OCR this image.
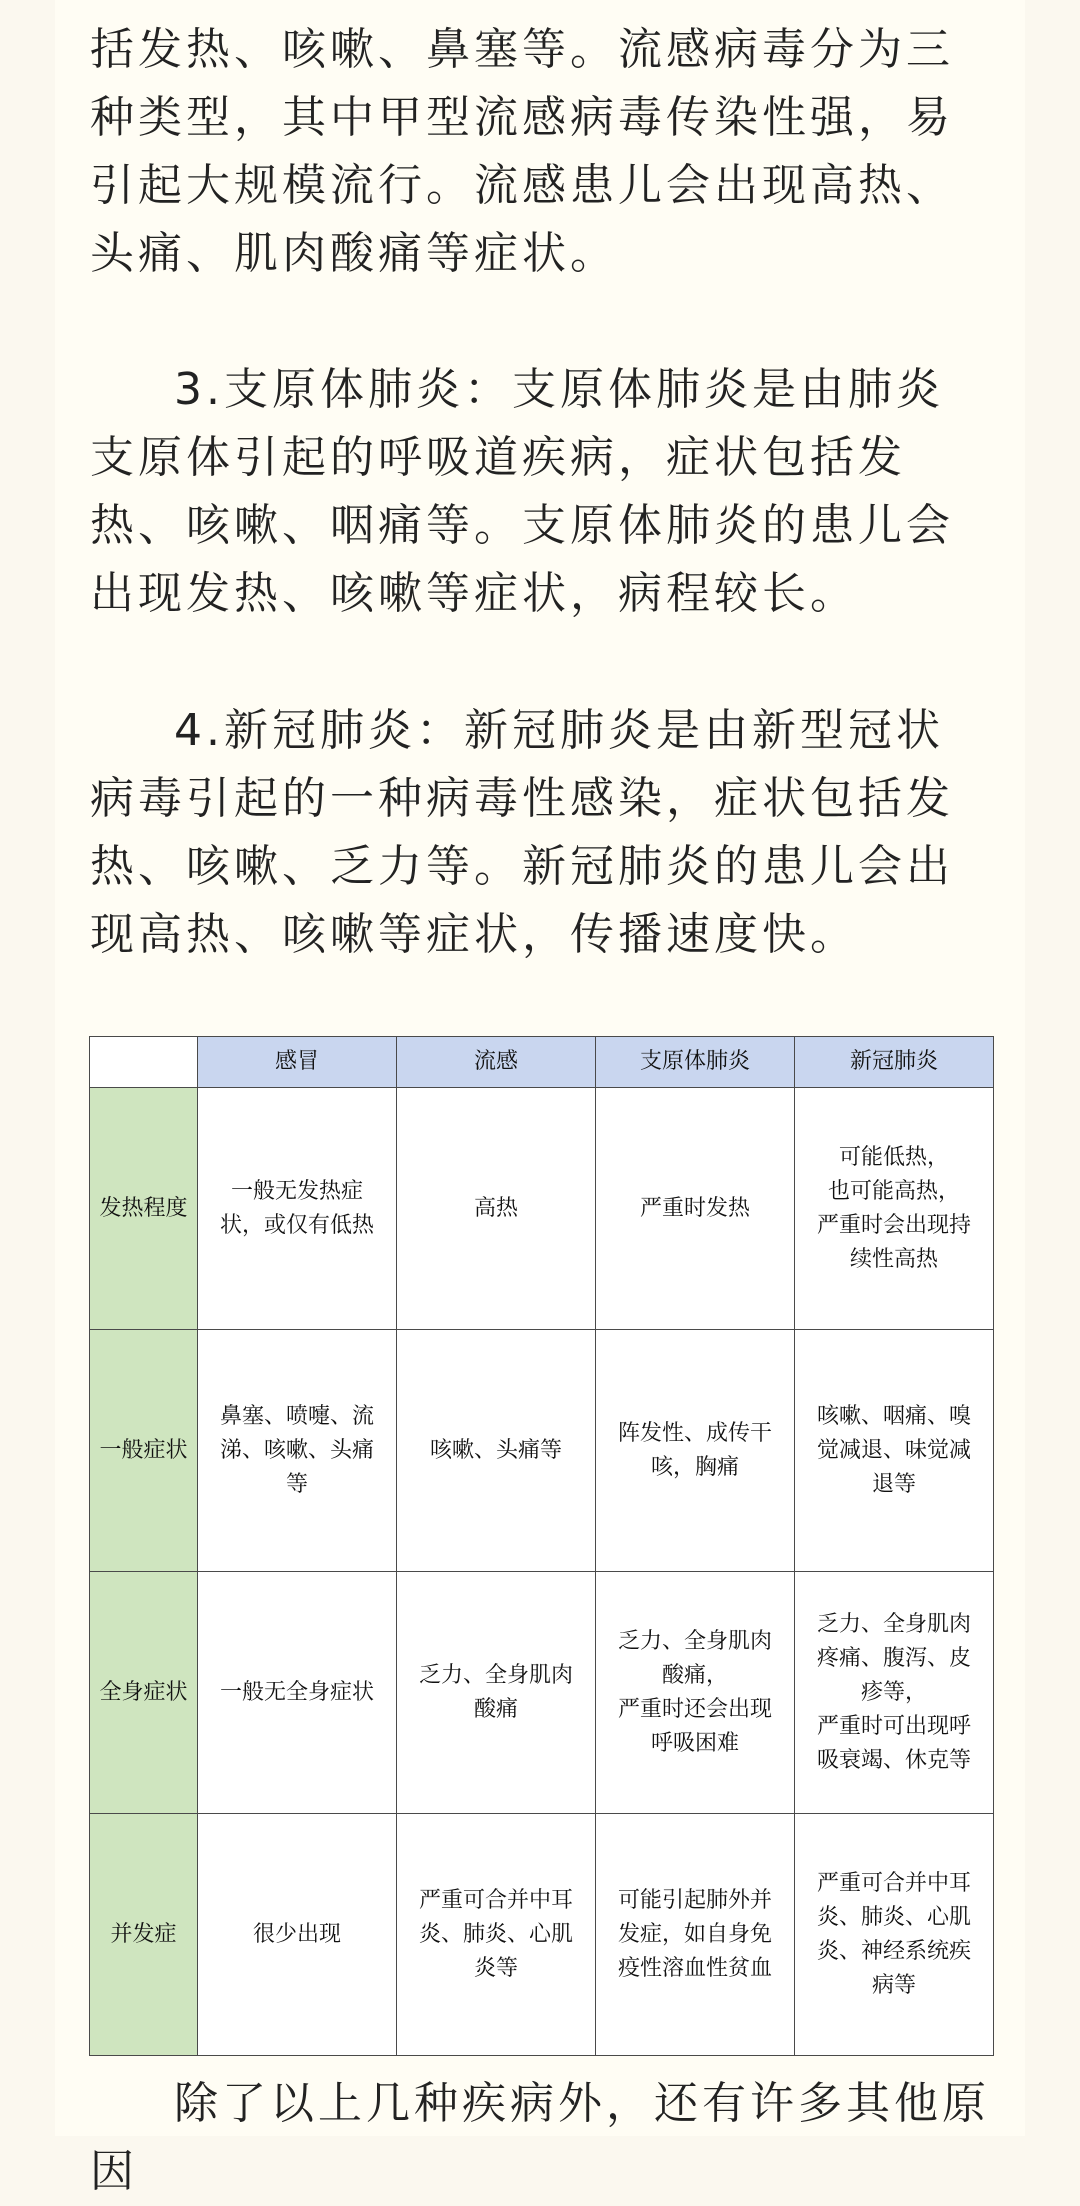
括发热、咳嗽、鼻塞等。流感病毒分为三种类型，其中甲型流感病毒传染性强，易引起大规模流行。流感患儿会出现高热、头痛、肌肉酸痛等症状。

3.支原体肺炎：支原体肺炎是由肺炎支原体引起的呼吸道疾病，症状包括发热、咳嗽、咽痛等。支原体肺炎的患儿会出现发热、咳嗽等症状，病程较长。

4.新冠肺炎：新冠肺炎是由新型冠状病毒引起的一种病毒性感染，症状包括发热、咳嗽、乏力等。新冠肺炎的患儿会出现高热、咳嗽等症状，传播速度快。

	感冒	流感	支原体肺炎	新冠肺炎
发热程度	一般无发热症
状，或仅有低热	高热	严重时发热	可能低热，
也可能高热，
严重时会出现持
续性高热
一般症状	鼻塞、喷嚏、流
涕、咳嗽、头痛
等	咳嗽、头痛等	阵发性、成传干
咳，胸痛	咳嗽、咽痛、嗅
觉减退、味觉减
退等
全身症状	一般无全身症状	乏力、全身肌肉
酸痛	乏力、全身肌肉
酸痛，
严重时还会出现
呼吸困难	乏力、全身肌肉
疼痛、腹泻、皮
疹等，
严重时可出现呼
吸衰竭、休克等
并发症	很少出现	严重可合并中耳
炎、肺炎、心肌
炎等	可能引起肺外并
发症，如自身免
疫性溶血性贫血	严重可合并中耳
炎、肺炎、心肌
炎、神经系统疾
病等

除了以上几种疾病外，还有许多其他原因
